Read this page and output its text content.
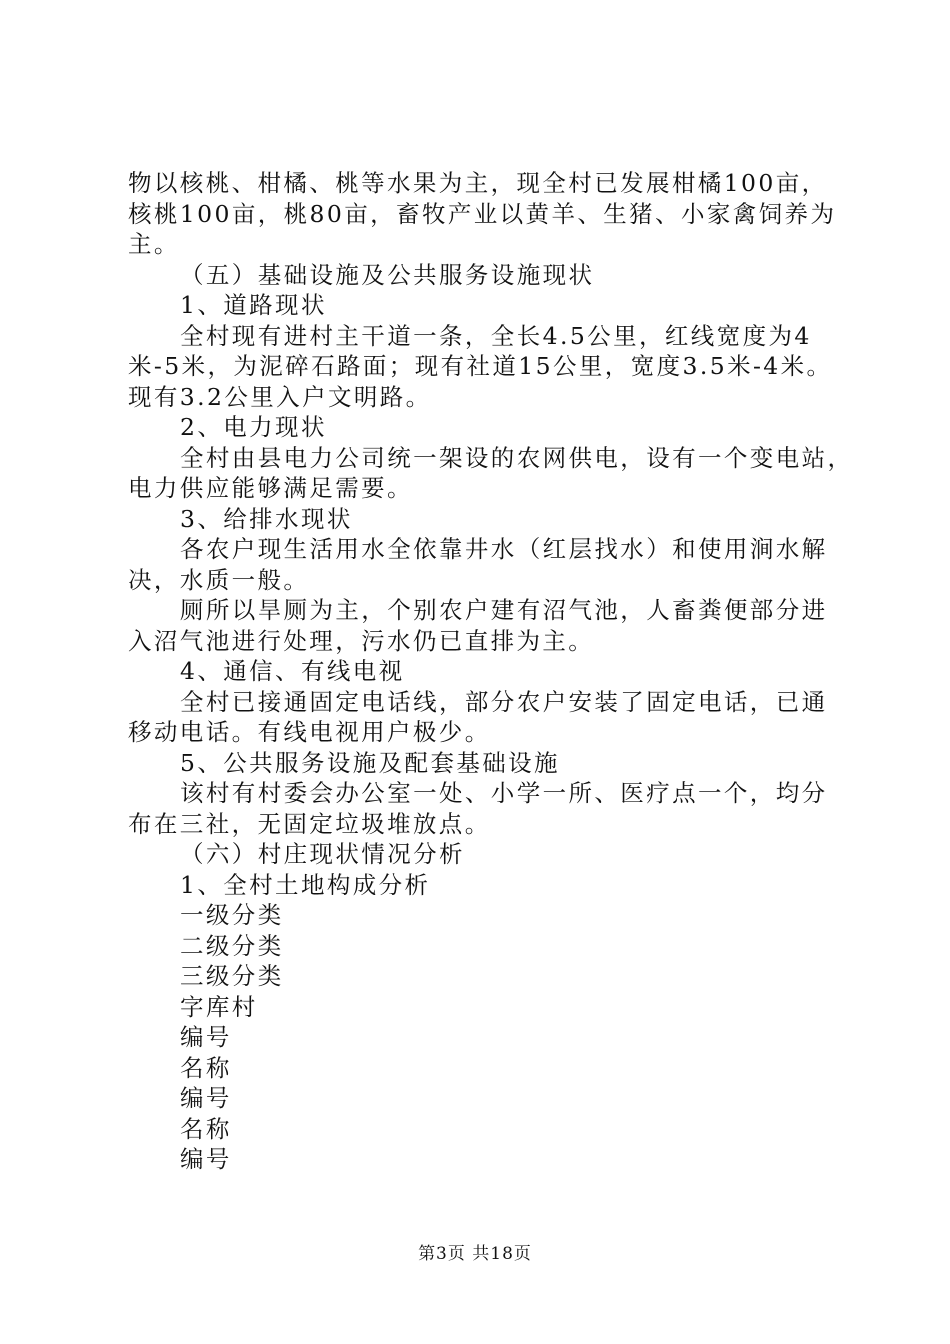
物以核桃、柑橘、桃等水果为主，现全村已发展柑橘100亩，
核桃100亩，桃80亩，畜牧产业以黄羊、生猪、小家禽饲养为
主。
（五）基础设施及公共服务设施现状
1、道路现状
全村现有进村主干道一条，全长4.5公里，红线宽度为4
米-5米，为泥碎石路面；现有社道15公里，宽度3.5米-4米。
现有3.2公里入户文明路。
2、电力现状
全村由县电力公司统一架设的农网供电，设有一个变电站，
电力供应能够满足需要。
3、给排水现状
各农户现生活用水全依靠井水（红层找水）和使用涧水解
决，水质一般。
厕所以旱厕为主，个别农户建有沼气池，人畜粪便部分进
入沼气池进行处理，污水仍已直排为主。
4、通信、有线电视
全村已接通固定电话线，部分农户安装了固定电话，已通
移动电话。有线电视用户极少。
5、公共服务设施及配套基础设施
该村有村委会办公室一处、小学一所、医疗点一个，均分
布在三社，无固定垃圾堆放点。
（六）村庄现状情况分析
1、全村土地构成分析
一级分类
二级分类
三级分类
字库村
编号
名称
编号
名称
编号
第3页 共18页
